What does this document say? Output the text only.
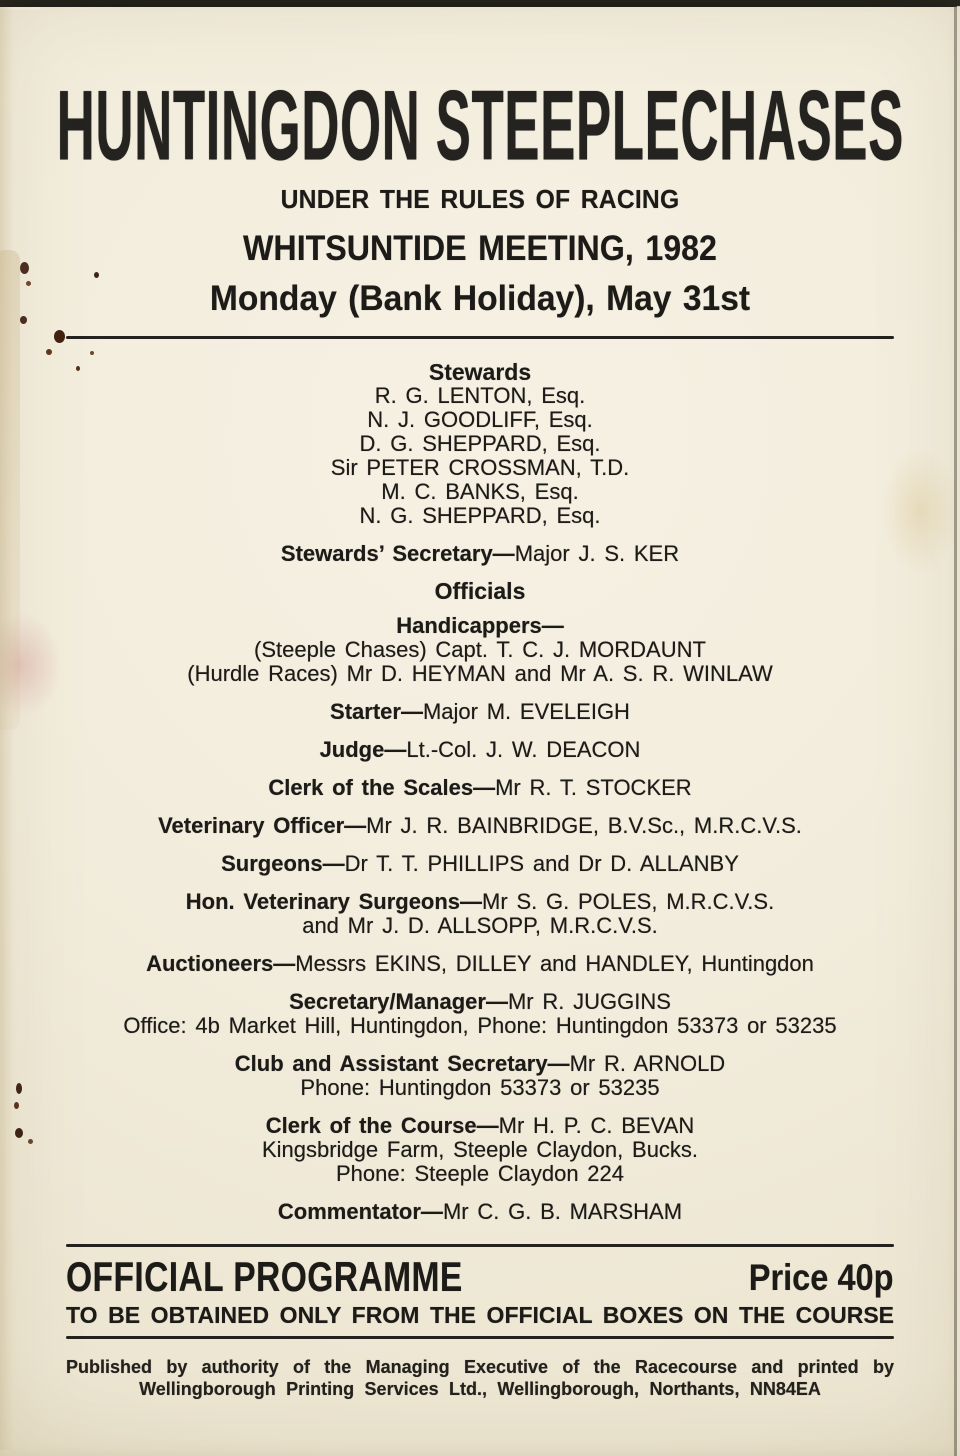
HUNTINGDON STEEPLECHASES
UNDER THE RULES OF RACING
WHITSUNTIDE MEETING, 1982
Monday (Bank Holiday), May 31st
Stewards
R. G. LENTON, Esq.
N. J. GOODLIFF, Esq.
D. G. SHEPPARD, Esq.
Sir PETER CROSSMAN, T.D.
M. C. BANKS, Esq.
N. G. SHEPPARD, Esq.
Stewards’ Secretary—Major J. S. KER
Officials
Handicappers—
(Steeple Chases) Capt. T. C. J. MORDAUNT
(Hurdle Races) Mr D. HEYMAN and Mr A. S. R. WINLAW
Starter—Major M. EVELEIGH
Judge—Lt.-Col. J. W. DEACON
Clerk of the Scales—Mr R. T. STOCKER
Veterinary Officer—Mr J. R. BAINBRIDGE, B.V.Sc., M.R.C.V.S.
Surgeons—Dr T. T. PHILLIPS and Dr D. ALLANBY
Hon. Veterinary Surgeons—Mr S. G. POLES, M.R.C.V.S.
and Mr J. D. ALLSOPP, M.R.C.V.S.
Auctioneers—Messrs EKINS, DILLEY and HANDLEY, Huntingdon
Secretary/Manager—Mr R. JUGGINS
Office: 4b Market Hill, Huntingdon, Phone: Huntingdon 53373 or 53235
Club and Assistant Secretary—Mr R. ARNOLD
Phone: Huntingdon 53373 or 53235
Clerk of the Course—Mr H. P. C. BEVAN
Kingsbridge Farm, Steeple Claydon, Bucks.
Phone: Steeple Claydon 224
Commentator—Mr C. G. B. MARSHAM
OFFICIAL PROGRAMME	Price 40p
TO BE OBTAINED ONLY FROM THE OFFICIAL BOXES ON THE COURSE
Published by authority of the Managing Executive of the Racecourse and printed by
Wellingborough Printing Services Ltd., Wellingborough, Northants, NN84EA
